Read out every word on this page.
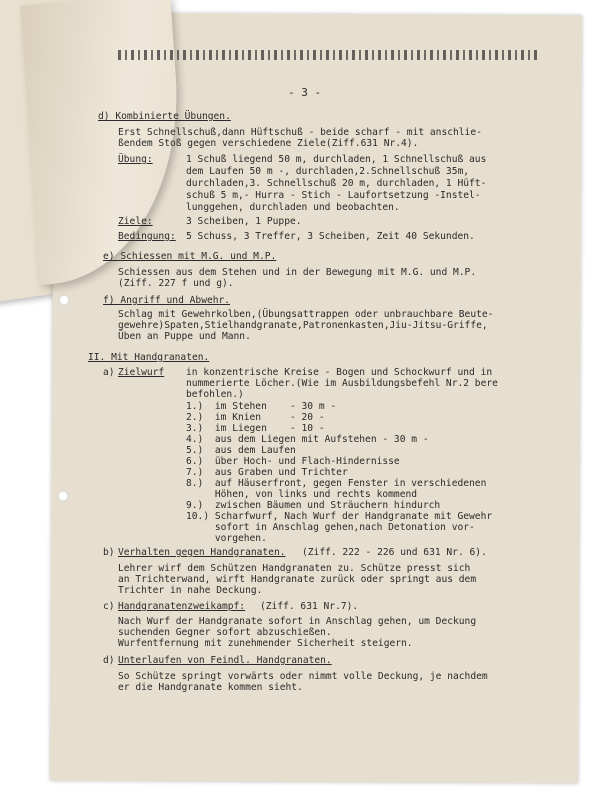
- 3 -
d) Kombinierte Übungen.
Erst Schnellschuß,dann Hüftschuß - beide scharf - mit anschlie-
ßendem Stoß gegen verschiedene Ziele(Ziff.631 Nr.4).
Übung:	1 Schuß liegend 50 m, durchladen, 1 Schnellschuß aus
dem Laufen 50 m -, durchladen,2.Schnellschuß 35m,
durchladen,3. Schnellschuß 20 m, durchladen, 1 Hüft-
schuß 5 m,- Hurra - Stich - Laufortsetzung -Instel-
lunggehen, durchladen und beobachten.
Ziele:	3 Scheiben, 1 Puppe.
Bedingung: 5 Schuss, 3 Treffer, 3 Scheiben, Zeit 40 Sekunden.
e) Schiessen mit M.G. und M.P.
Schiessen aus dem Stehen und in der Bewegung mit M.G. und M.P.
(Ziff. 227 f und g).
f) Angriff und Abwehr.
Schlag mit Gewehrkolben,(Übungsattrappen oder unbrauchbare Beute-
gewehre)Spaten,Stielhandgranate,Patronenkasten,Jiu-Jitsu-Griffe,
Üben an Puppe und Mann.
II. Mit Handgranaten.
a) Zielwurf in konzentrische Kreise - Bogen und Schockwurf und in
nummerierte Löcher.(Wie im Ausbildungsbefehl Nr.2 bere
befohlen.)
1.)  im Stehen    - 30 m -
2.)  im Knien     - 20 -
3.)  im Liegen    - 10 -
4.)  aus dem Liegen mit Aufstehen - 30 m -
5.)  aus dem Laufen
6.)  über Hoch- und Flach-Hindernisse
7.)  aus Graben und Trichter
8.)  auf Häuserfront, gegen Fenster in verschiedenen
Höhen, von links und rechts kommend
9.)  zwischen Bäumen und Sträuchern hindurch
10.) Scharfwurf, Nach Wurf der Handgranate mit Gewehr
sofort in Anschlag gehen,nach Detonation vor-
vorgehen.
b) Verhalten gegen Handgranaten. (Ziff. 222 - 226 und 631 Nr. 6).
Lehrer wirf dem Schützen Handgranaten zu. Schütze presst sich
an Trichterwand, wirft Handgranate zurück oder springt aus dem
Trichter in nahe Deckung.
c) Handgranatenzweikampf: (Ziff. 631 Nr.7).
Nach Wurf der Handgranate sofort in Anschlag gehen, um Deckung
suchenden Gegner sofort abzuschießen.
Wurfentfernung mit zunehmender Sicherheit steigern.
d) Unterlaufen von Feindl. Handgranaten.
So Schütze springt vorwärts oder nimmt volle Deckung, je nachdem
er die Handgranate kommen sieht.
